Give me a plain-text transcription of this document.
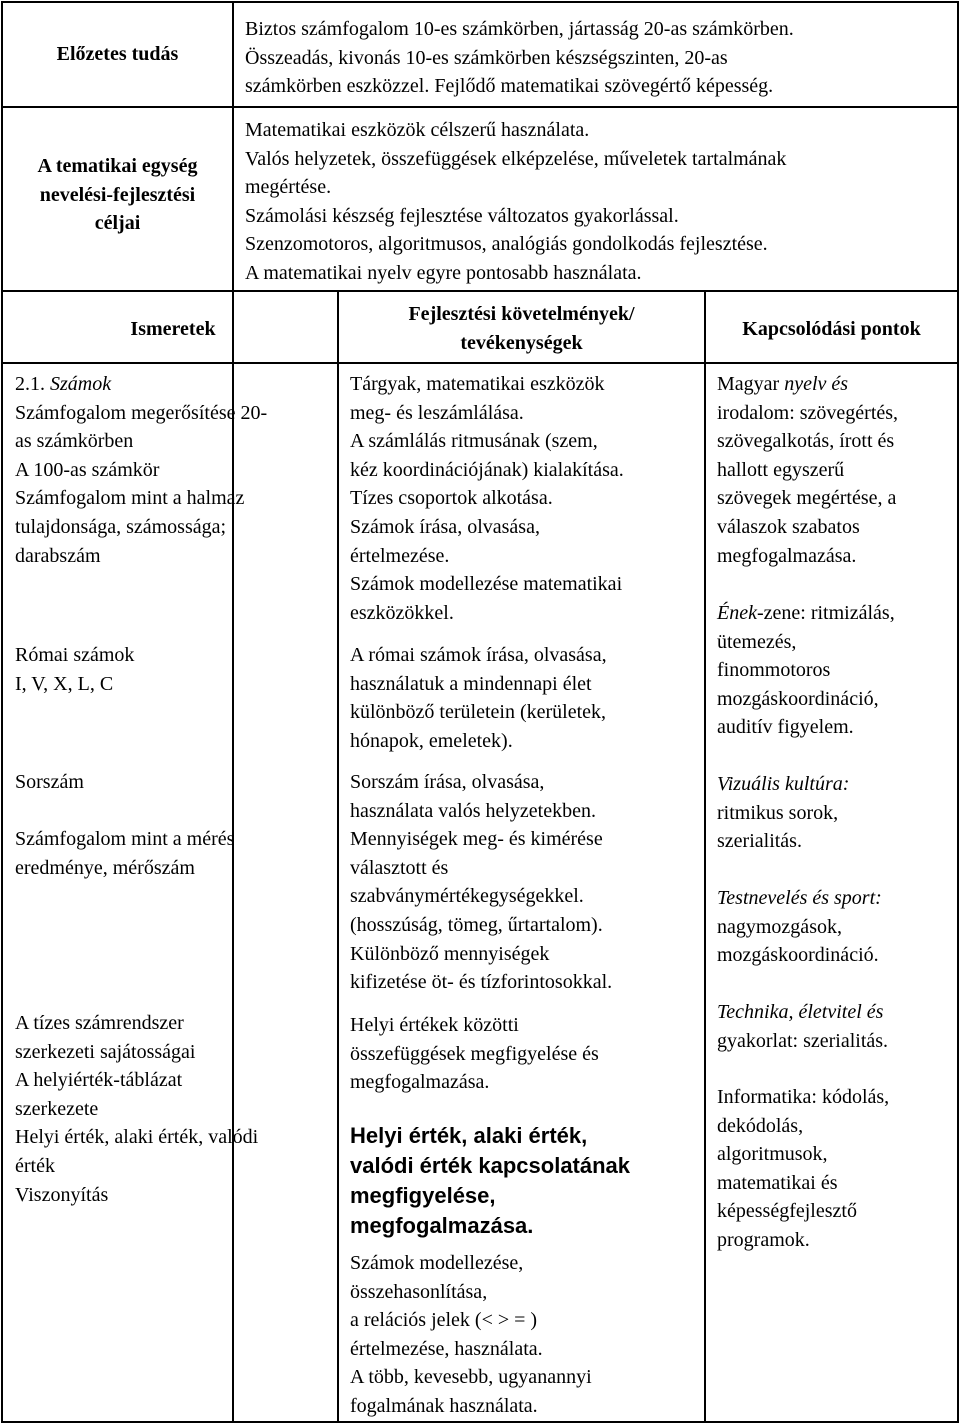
Előzetes tudás
Biztos számfogalom 10-es számkörben, jártasság 20-as számkörben.
Összeadás, kivonás 10-es számkörben készségszinten, 20-as
számkörben eszközzel. Fejlődő matematikai szövegértő képesség.
A tematikai egység
nevelési-fejlesztési
céljai
Matematikai eszközök célszerű használata.
Valós helyzetek, összefüggések elképzelése, műveletek tartalmának
megértése.
Számolási készség fejlesztése változatos gyakorlással.
Szenzomotoros, algoritmusos, analógiás gondolkodás fejlesztése.
A matematikai nyelv egyre pontosabb használata.
Ismeretek
Fejlesztési követelmények/
tevékenységek
Kapcsolódási pontok
2.1. Számok
Számfogalom megerősítése 20-
as számkörben
A 100-as számkör
Számfogalom mint a halmaz
tulajdonsága, számossága;
darabszám
Római számok
I, V, X, L, C
Sorszám
Számfogalom mint a mérés
eredménye, mérőszám
A tízes számrendszer
szerkezeti sajátosságai
A helyiérték-táblázat
szerkezete
Helyi érték, alaki érték, valódi
érték
Viszonyítás
Tárgyak, matematikai eszközök
meg- és leszámlálása.
A számlálás ritmusának (szem,
kéz koordinációjának) kialakítása.
Tízes csoportok alkotása.
Számok írása, olvasása,
értelmezése.
Számok modellezése matematikai
eszközökkel.
A római számok írása, olvasása,
használatuk a mindennapi élet
különböző területein (kerületek,
hónapok, emeletek).
Sorszám írása, olvasása,
használata valós helyzetekben.
Mennyiségek meg- és kimérése
választott és
szabványmértékegységekkel.
(hosszúság, tömeg, űrtartalom).
Különböző mennyiségek
kifizetése öt- és tízforintosokkal.
Helyi értékek közötti
összefüggések megfigyelése és
megfogalmazása.
Helyi érték, alaki érték,
valódi érték kapcsolatának
megfigyelése,
megfogalmazása.
Számok modellezése,
összehasonlítása,
a relációs jelek (< > = )
értelmezése, használata.
A több, kevesebb, ugyanannyi
fogalmának használata.
Magyar nyelv és
irodalom: szövegértés,
szövegalkotás, írott és
hallott egyszerű
szövegek megértése, a
válaszok szabatos
megfogalmazása.
Ének-zene: ritmizálás,
ütemezés,
finommotoros
mozgáskoordináció,
auditív figyelem.
Vizuális kultúra:
ritmikus sorok,
szerialitás.
Testnevelés és sport:
nagymozgások,
mozgáskoordináció.
Technika, életvitel és
gyakorlat: szerialitás.
Informatika: kódolás,
dekódolás,
algoritmusok,
matematikai és
képességfejlesztő
programok.
